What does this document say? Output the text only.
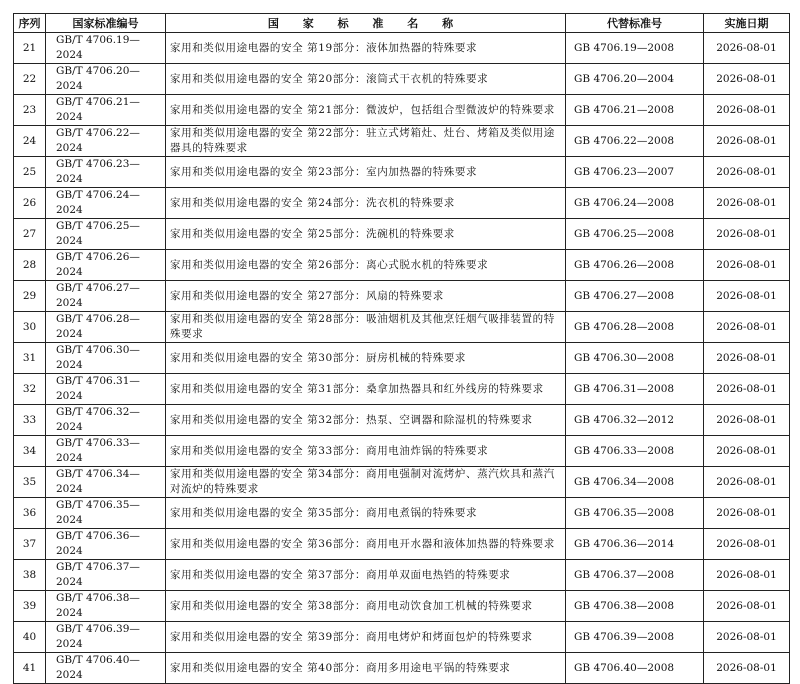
序列	国家标准编号	国 家 标 准 名 称	代替标准号	实施日期
21	GB/T 4706.19—2024	家用和类似用途电器的安全 第19部分：液体加热器的特殊要求	GB 4706.19—2008	2026-08-01
22	GB/T 4706.20—2024	家用和类似用途电器的安全 第20部分：滚筒式干衣机的特殊要求	GB 4706.20—2004	2026-08-01
23	GB/T 4706.21—2024	家用和类似用途电器的安全 第21部分：微波炉，包括组合型微波炉的特殊要求	GB 4706.21—2008	2026-08-01
24	GB/T 4706.22—2024	家用和类似用途电器的安全 第22部分：驻立式烤箱灶、灶台、烤箱及类似用途器具的特殊要求	GB 4706.22—2008	2026-08-01
25	GB/T 4706.23—2024	家用和类似用途电器的安全 第23部分：室内加热器的特殊要求	GB 4706.23—2007	2026-08-01
26	GB/T 4706.24—2024	家用和类似用途电器的安全 第24部分：洗衣机的特殊要求	GB 4706.24—2008	2026-08-01
27	GB/T 4706.25—2024	家用和类似用途电器的安全 第25部分：洗碗机的特殊要求	GB 4706.25—2008	2026-08-01
28	GB/T 4706.26—2024	家用和类似用途电器的安全 第26部分：离心式脱水机的特殊要求	GB 4706.26—2008	2026-08-01
29	GB/T 4706.27—2024	家用和类似用途电器的安全 第27部分：风扇的特殊要求	GB 4706.27—2008	2026-08-01
30	GB/T 4706.28—2024	家用和类似用途电器的安全 第28部分：吸油烟机及其他烹饪烟气吸排装置的特殊要求	GB 4706.28—2008	2026-08-01
31	GB/T 4706.30—2024	家用和类似用途电器的安全 第30部分：厨房机械的特殊要求	GB 4706.30—2008	2026-08-01
32	GB/T 4706.31—2024	家用和类似用途电器的安全 第31部分：桑拿加热器具和红外线房的特殊要求	GB 4706.31—2008	2026-08-01
33	GB/T 4706.32—2024	家用和类似用途电器的安全 第32部分：热泵、空调器和除湿机的特殊要求	GB 4706.32—2012	2026-08-01
34	GB/T 4706.33—2024	家用和类似用途电器的安全 第33部分：商用电油炸锅的特殊要求	GB 4706.33—2008	2026-08-01
35	GB/T 4706.34—2024	家用和类似用途电器的安全 第34部分：商用电强制对流烤炉、蒸汽炊具和蒸汽对流炉的特殊要求	GB 4706.34—2008	2026-08-01
36	GB/T 4706.35—2024	家用和类似用途电器的安全 第35部分：商用电煮锅的特殊要求	GB 4706.35—2008	2026-08-01
37	GB/T 4706.36—2024	家用和类似用途电器的安全 第36部分：商用电开水器和液体加热器的特殊要求	GB 4706.36—2014	2026-08-01
38	GB/T 4706.37—2024	家用和类似用途电器的安全 第37部分：商用单双面电热铛的特殊要求	GB 4706.37—2008	2026-08-01
39	GB/T 4706.38—2024	家用和类似用途电器的安全 第38部分：商用电动饮食加工机械的特殊要求	GB 4706.38—2008	2026-08-01
40	GB/T 4706.39—2024	家用和类似用途电器的安全 第39部分：商用电烤炉和烤面包炉的特殊要求	GB 4706.39—2008	2026-08-01
41	GB/T 4706.40—2024	家用和类似用途电器的安全 第40部分：商用多用途电平锅的特殊要求	GB 4706.40—2008	2026-08-01
